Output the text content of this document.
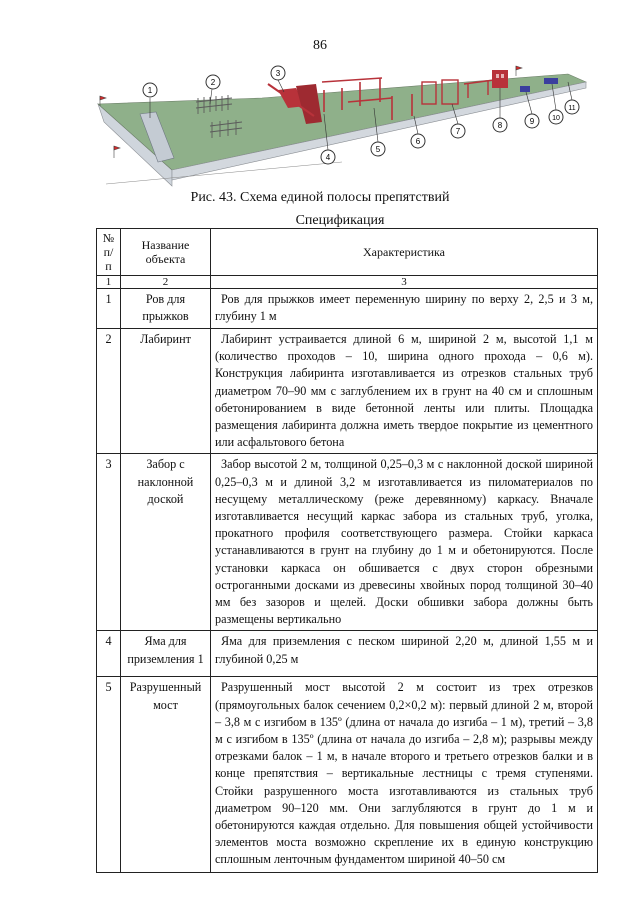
86
1
2
3
4
5
6
7
8	9	10
11
Рис. 43. Схема единой полосы препятствий
Спецификация
№ п/п	Название объекта	Характеристика
1	2	3
1	Ров для прыжков	Ров для прыжков имеет переменную ширину по верху 2, 2,5 и 3 м, глубину 1 м

2	Лабиринт	Лабиринт устраивается длиной 6 м, шириной 2 м, высотой 1,1 м (количество проходов – 10, ширина одного прохода – 0,6 м). Конструкция лабиринта изготавливается из отрезков стальных труб диаметром 70–90 мм с заглублением их в грунт на 40 см и сплошным обетонированием в виде бетонной ленты или плиты. Площадка размещения лабиринта должна иметь твердое покрытие из цементного или асфальтового бетона

3	Забор с наклонной доской	Забор высотой 2 м, толщиной 0,25–0,3 м с наклонной доской шириной 0,25–0,3 м и длиной 3,2 м изготавливается из пиломатериалов по несущему металлическому (реже деревянному) каркасу. Вначале изготавливается несущий каркас забора из стальных труб, уголка, прокатного профиля соответствующего размера. Стойки каркаса устанавливаются в грунт на глубину до 1 м и обетонируются. После установки каркаса он обшивается с двух сторон обрезными остроганными досками из древесины хвойных пород толщиной 30–40 мм без зазоров и щелей. Доски обшивки забора должны быть размещены вертикально

4	Яма для приземления 1	Яма для приземления с песком шириной 2,20 м, длиной 1,55 м и глубиной 0,25 м

5	Разрушенный мост	Разрушенный мост высотой 2 м состоит из трех отрезков (прямоугольных балок сечением 0,2×0,2 м): первый длиной 2 м, второй – 3,8 м с изгибом в 135º (длина от начала до изгиба – 1 м), третий – 3,8 м с изгибом в 135º (длина от начала до изгиба – 2,8 м); разрывы между отрезками балок – 1 м, в начале второго и третьего отрезков балки и в конце препятствия – вертикальные лестницы с тремя ступенями. Стойки разрушенного моста изготавливаются из стальных труб диаметром 90–120 мм. Они заглубляются в грунт до 1 м и обетонируются каждая отдельно. Для повышения общей устойчивости элементов моста возможно скрепление их в единую конструкцию сплошным ленточным фундаментом шириной 40–50 см
